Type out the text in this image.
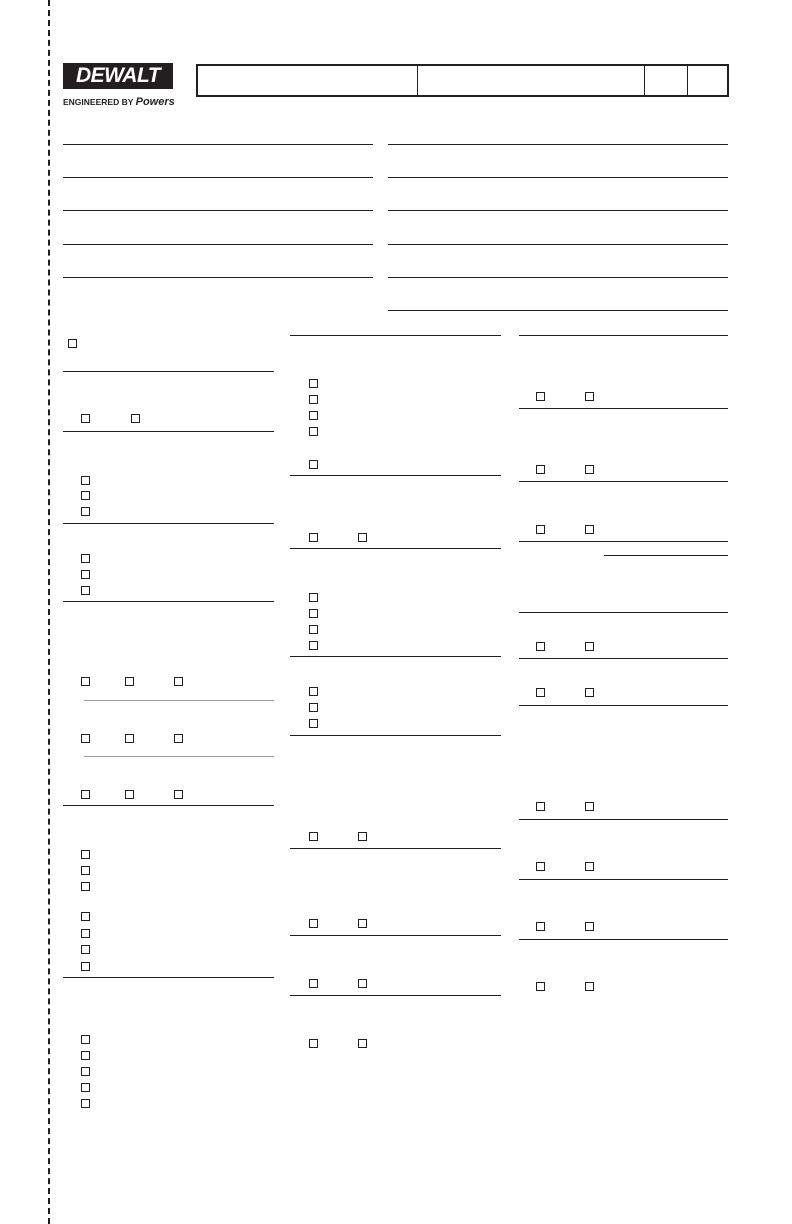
DEWALT
ENGINEERED BY Powers
